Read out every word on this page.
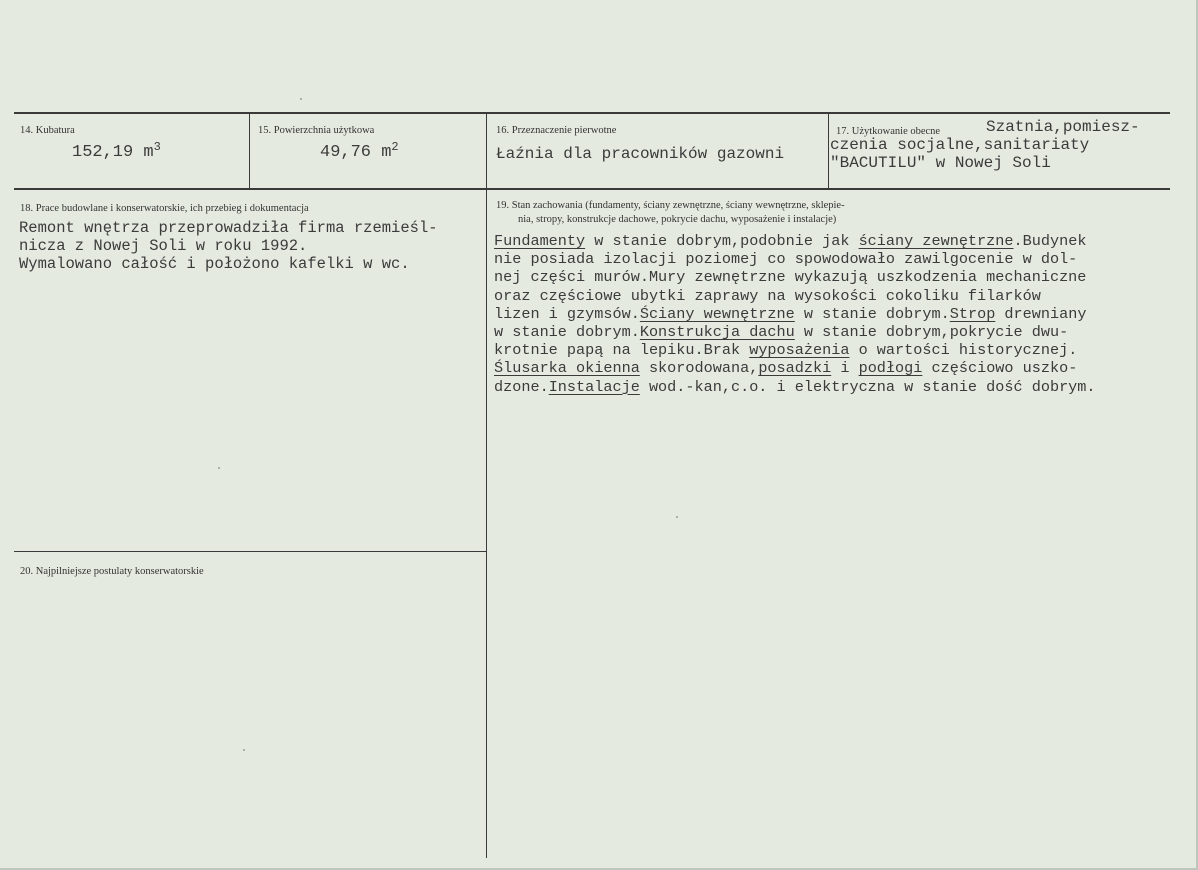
14. Kubatura
152,19 $m^3$
15. Powierzchnia użytkowa
49,76 $m^2$
16. Przeznaczenie pierwotne
Łaźnia dla pracowników gazowni
17. Użytkowanie obecne	Szatnia,pomiesz-
czenia socjalne,sanitariaty
"BACUTILU" w Nowej Soli
18. Prace budowlane i konserwatorskie, ich przebieg i dokumentacja
Remont wnętrza przeprowadziła firma rzemieśl-
nicza z Nowej Soli w roku 1992.
Wymalowano całość i położono kafelki w wc.
19. Stan zachowania (fundamenty, ściany zewnętrzne, ściany wewnętrzne, sklepie-
nia, stropy, konstrukcje dachowe, pokrycie dachu, wyposażenie i instalacje)
Fundamenty w stanie dobrym,podobnie jak ściany zewnętrzne.Budynek
nie posiada izolacji poziomej co spowodowało zawilgocenie w dol-
nej części murów.Mury zewnętrzne wykazują uszkodzenia mechaniczne
oraz częściowe ubytki zaprawy na wysokości cokoliku filarków
lizen i gzymsów.Ściany wewnętrzne w stanie dobrym.Strop drewniany
w stanie dobrym.Konstrukcja dachu w stanie dobrym,pokrycie dwu-
krotnie papą na lepiku.Brak wyposażenia o wartości historycznej.
Ślusarka okienna skorodowana,posadzki i podłogi częściowo uszko-
dzone.Instalacje wod.-kan,c.o. i elektryczna w stanie dość dobrym.
20. Najpilniejsze postulaty konserwatorskie
